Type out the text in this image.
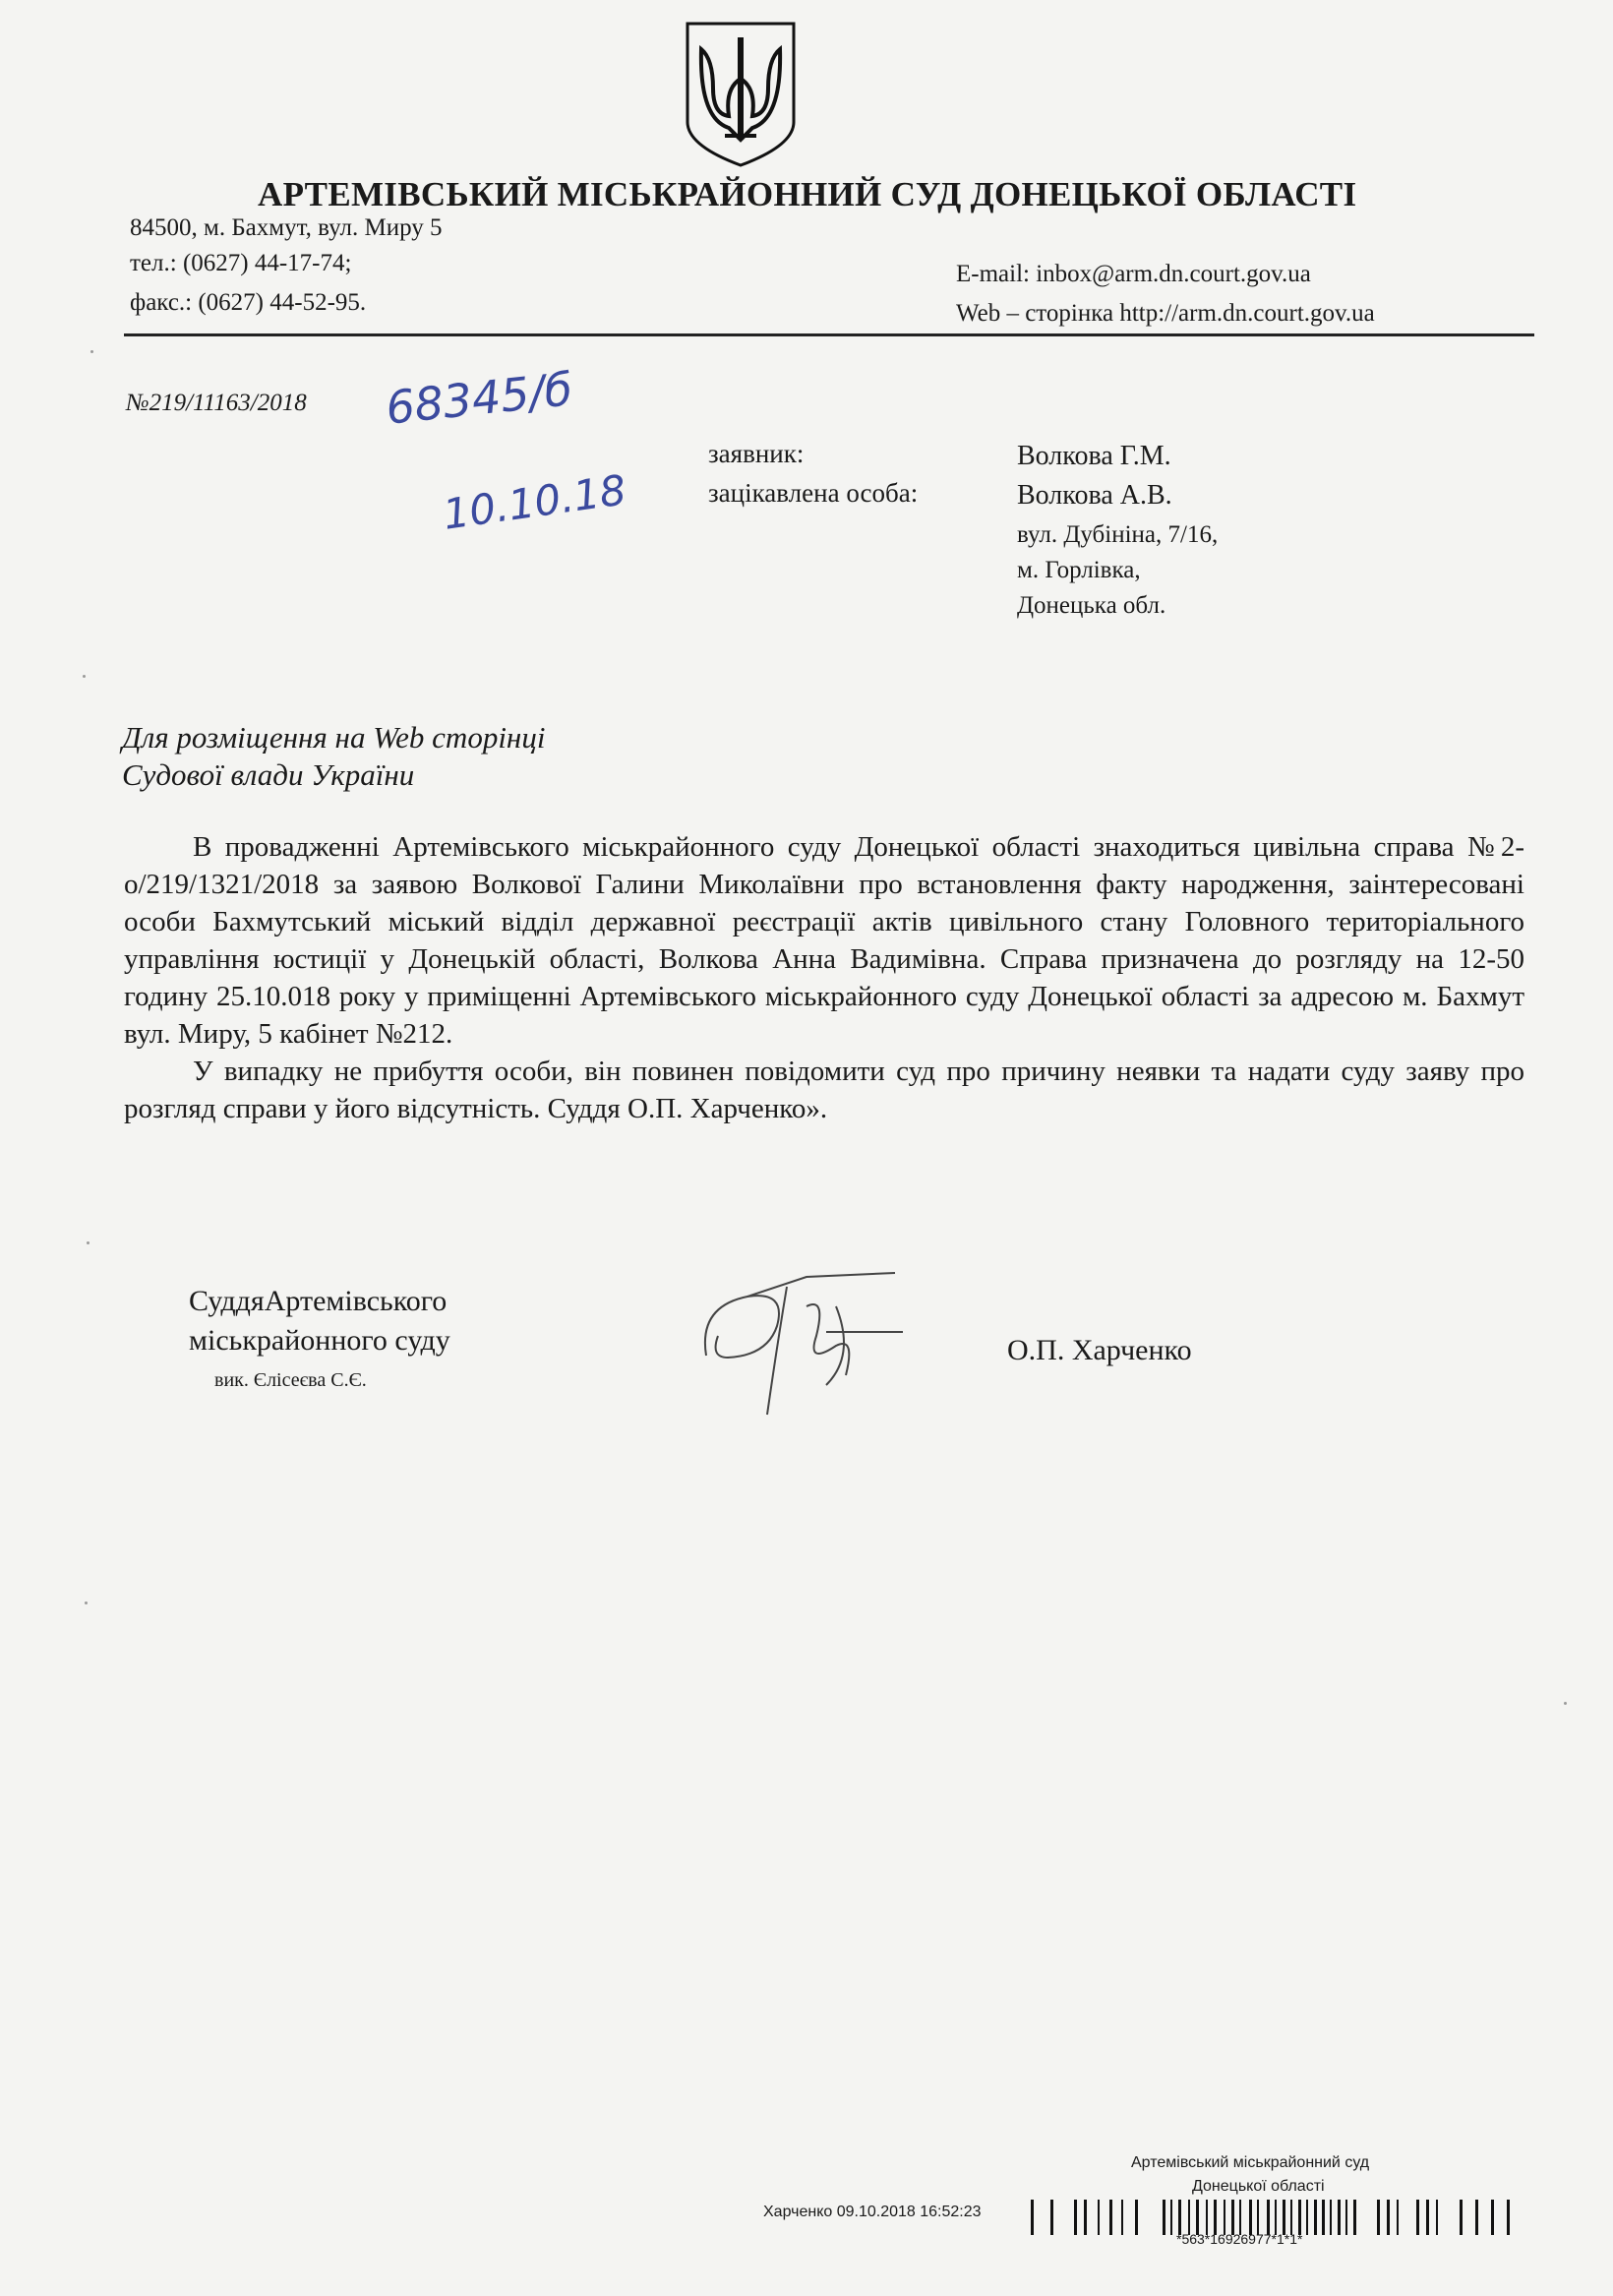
АРТЕМІВСЬКИЙ МІСЬКРАЙОННИЙ СУД ДОНЕЦЬКОЇ ОБЛАСТІ
84500, м. Бахмут, вул. Миру 5
тел.: (0627) 44-17-74;
факс.: (0627) 44-52-95.
E-mail: inbox@arm.dn.court.gov.ua
Web – сторінка http://arm.dn.court.gov.ua
№219/11163/2018 68345/б
10.10.18
заявник:
зацікавлена особа:
Волкова Г.М.
Волкова А.В.
вул. Дубініна, 7/16,
м. Горлівка,
Донецька обл.
Для розміщення на Web сторінці
Судової влади України

В провадженні Артемівського міськрайонного суду Донецької області знаходиться цивільна справа №2-о/219/1321/2018 за заявою Волкової Галини Миколаївни про встановлення факту народження, заінтересовані особи Бахмутський міський відділ державної реєстрації актів цивільного стану Головного територіального управління юстиції у Донецькій області, Волкова Анна Вадимівна. Справа призначена до розгляду на 12-50 годину 25.10.018 року у приміщенні Артемівського міськрайонного суду Донецької області за адресою м. Бахмут вул. Миру, 5 кабінет №212.

У випадку не прибуття особи, він повинен повідомити суд про причину неявки та надати суду заяву про розгляд справи у його відсутність. Суддя О.П. Харченко».

СуддяАртемівського
міськрайонного суду
вик. Єлісеєва С.Є.
О.П. Харченко
Артемівський міськрайонний суд
Донецької області
Харченко 09.10.2018 16:52:23
*563*16926977*1*1*
